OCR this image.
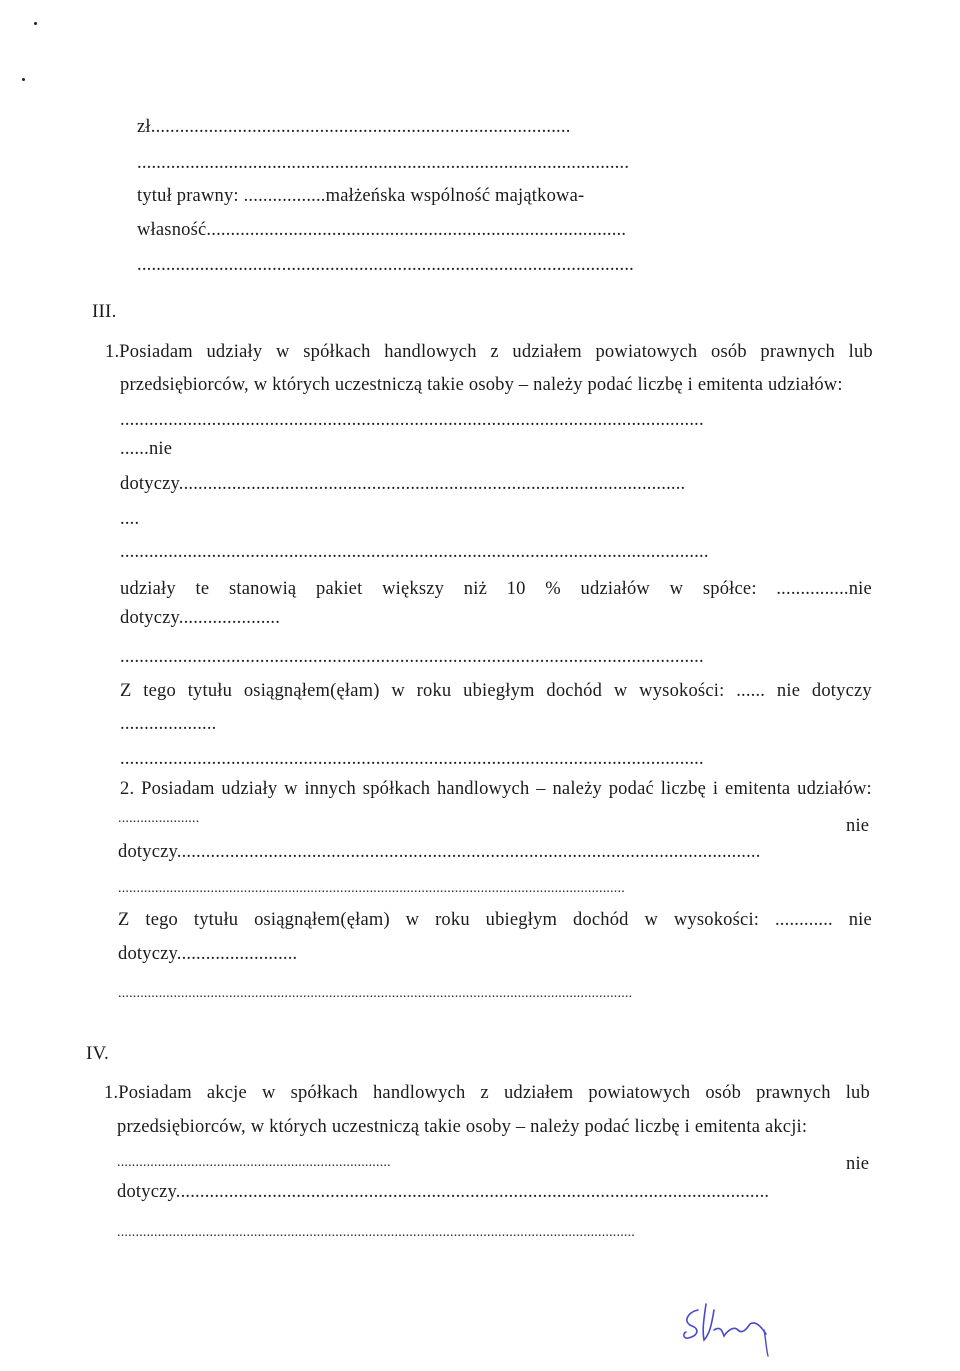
zł.......................................................................................
......................................................................................................
tytuł prawny: .................małżeńska wspólność majątkowa-
własność.......................................................................................
.......................................................................................................
III.
1.Posiadam udziały w spółkach handlowych z udziałem powiatowych osób prawnych lub
przedsiębiorców, w których uczestniczą takie osoby – należy podać liczbę i emitenta udziałów:
.........................................................................................................................
......nie
dotyczy.........................................................................................................
....
..........................................................................................................................
udziały te stanowią pakiet większy niż 10 % udziałów w spółce: ...............nie
dotyczy.....................
.........................................................................................................................
Z tego tytułu osiągnąłem(ęłam) w roku ubiegłym dochód w wysokości: ...... nie dotyczy
....................
.........................................................................................................................
2. Posiadam udziały w innych spółkach handlowych – należy podać liczbę i emitenta udziałów:
......................	nie
dotyczy.........................................................................................................................
.........................................................................................................................................
Z tego tytułu osiągnąłem(ęłam) w roku ubiegłym dochód w wysokości: ............ nie
dotyczy.........................
...........................................................................................................................................
IV.
1.Posiadam akcje w spółkach handlowych z udziałem powiatowych osób prawnych lub
przedsiębiorców, w których uczestniczą takie osoby – należy podać liczbę i emitenta akcji:
..........................................................................	nie
dotyczy...........................................................................................................................
............................................................................................................................................
